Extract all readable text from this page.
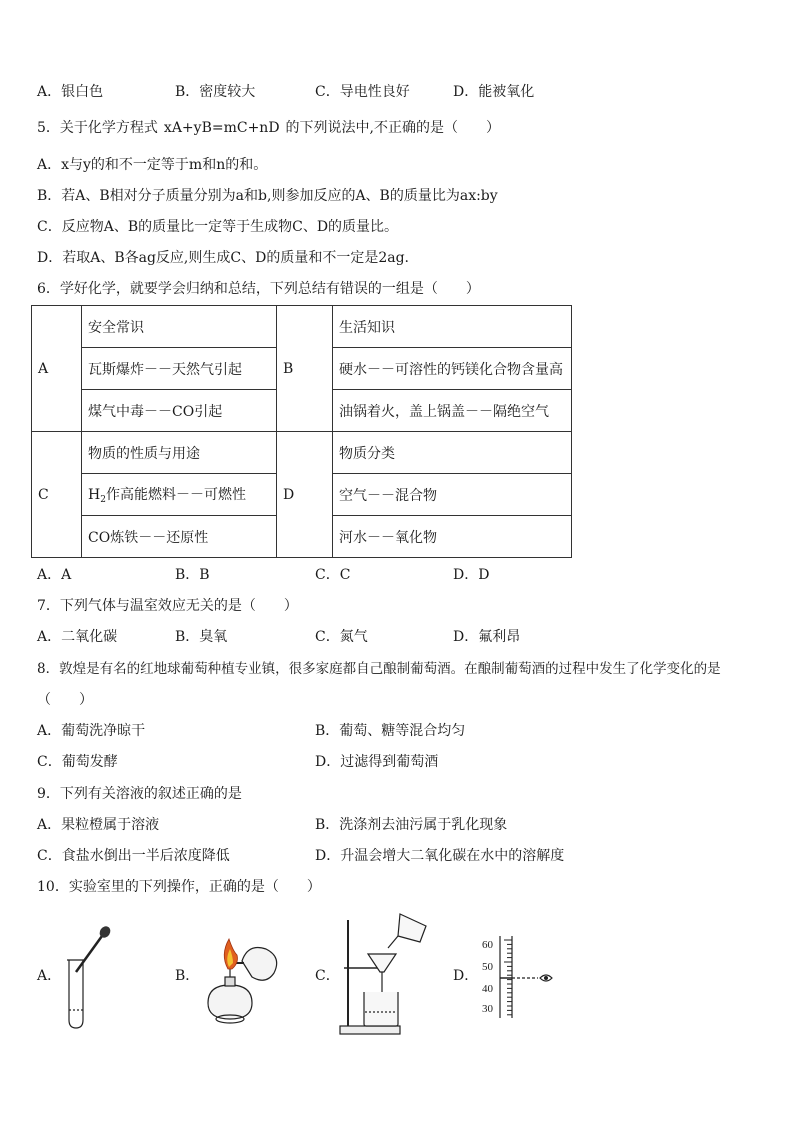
A．银白色	B．密度较大	C．导电性良好	D．能被氧化
5．关于化学方程式 xA+yB=mC+nD 的下列说法中,不正确的是（　　）
A．x与y的和不一定等于m和n的和。
B．若A、B相对分子质量分别为a和b,则参加反应的A、B的质量比为ax:by
C．反应物A、B的质量比一定等于生成物C、D的质量比。
D．若取A、B各ag反应,则生成C、D的质量和不一定是2ag.
6．学好化学，就要学会归纳和总结，下列总结有错误的一组是（　　）
A	安全常识	B	生活知识
	瓦斯爆炸－－天然气引起		硬水－－可溶性的钙镁化合物含量高
	煤气中毒－－CO引起		油锅着火，盖上锅盖－－隔绝空气
C	物质的性质与用途	D	物质分类
	$H_2$作高能燃料－－可燃性		空气－－混合物
	CO炼铁－－还原性		河水－－氧化物
A．A	B．B	C．C	D．D
7．下列气体与温室效应无关的是（　　）
A．二氧化碳	B．臭氧	C．氮气	D．氟利昂
8．敦煌是有名的红地球葡萄种植专业镇，很多家庭都自己酿制葡萄酒。在酿制葡萄酒的过程中发生了化学变化的是
（　　）
A．葡萄洗净晾干	B．葡萄、糖等混合均匀
C．葡萄发酵	D．过滤得到葡萄酒
9．下列有关溶液的叙述正确的是
A．果粒橙属于溶液	B．洗涤剂去油污属于乳化现象
C．食盐水倒出一半后浓度降低	D．升温会增大二氧化碳在水中的溶解度
10．实验室里的下列操作，正确的是（　　）
A．	B．	C．	D．
60
50
40
30
